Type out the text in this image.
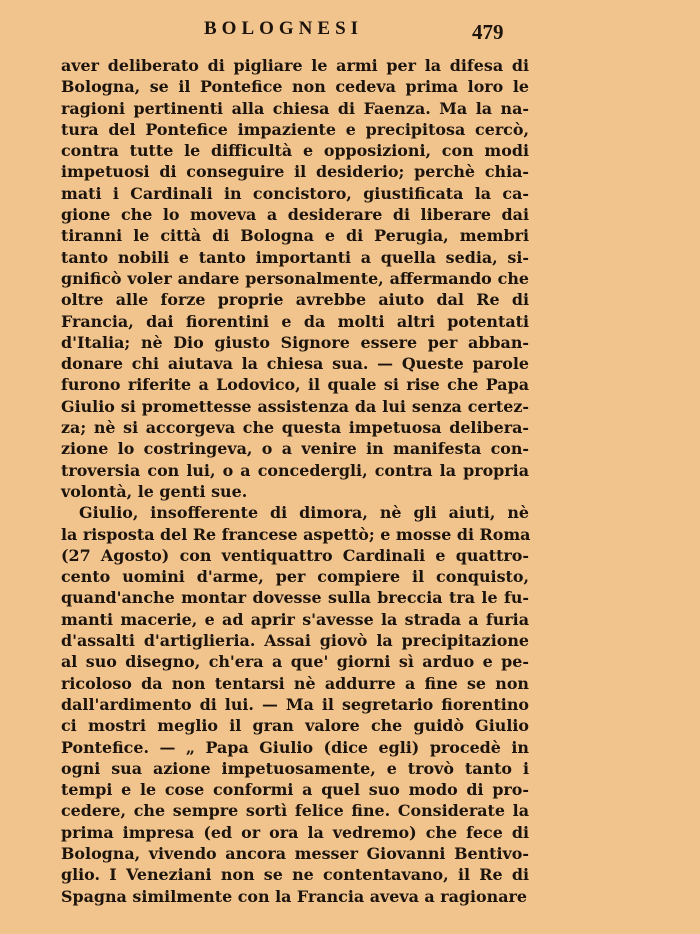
BOLOGNESI	479
aver deliberato di pigliare le armi per la difesa di
Bologna, se il Pontefice non cedeva prima loro le
ragioni pertinenti alla chiesa di Faenza. Ma la na-
tura del Pontefice impaziente e precipitosa cercò,
contra tutte le difficultà e opposizioni, con modi
impetuosi di conseguire il desiderio; perchè chia-
mati i Cardinali in concistoro, giustificata la ca-
gione che lo moveva a desiderare di liberare dai
tiranni le città di Bologna e di Perugia, membri
tanto nobili e tanto importanti a quella sedia, si-
gnificò voler andare personalmente, affermando che
oltre alle forze proprie avrebbe aiuto dal Re di
Francia, dai fiorentini e da molti altri potentati
d'Italia; nè Dio giusto Signore essere per abban-
donare chi aiutava la chiesa sua. — Queste parole
furono riferite a Lodovico, il quale si rise che Papa
Giulio si promettesse assistenza da lui senza certez-
za; nè si accorgeva che questa impetuosa delibera-
zione lo costringeva, o a venire in manifesta con-
troversia con lui, o a concedergli, contra la propria
volontà, le genti sue.
Giulio, insofferente di dimora, nè gli aiuti, nè
la risposta del Re francese aspettò; e mosse di Roma
(27 Agosto) con ventiquattro Cardinali e quattro-
cento uomini d'arme, per compiere il conquisto,
quand'anche montar dovesse sulla breccia tra le fu-
manti macerie, e ad aprir s'avesse la strada a furia
d'assalti d'artiglieria. Assai giovò la precipitazione
al suo disegno, ch'era a que' giorni sì arduo e pe-
ricoloso da non tentarsi nè addurre a fine se non
dall'ardimento di lui. — Ma il segretario fiorentino
ci mostri meglio il gran valore che guidò Giulio
Pontefice. — „ Papa Giulio (dice egli) procedè in
ogni sua azione impetuosamente, e trovò tanto i
tempi e le cose conformi a quel suo modo di pro-
cedere, che sempre sortì felice fine. Considerate la
prima impresa (ed or ora la vedremo) che fece di
Bologna, vivendo ancora messer Giovanni Bentivo-
glio. I Veneziani non se ne contentavano, il Re di
Spagna similmente con la Francia aveva a ragionare
